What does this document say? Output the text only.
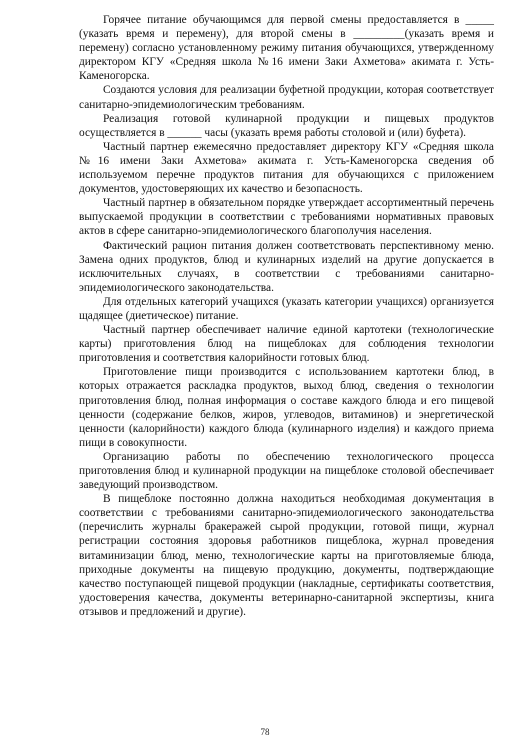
Горячее питание обучающимся для первой смены предоставляется в _____ (указать время и перемену), для второй смены в _________(указать время и перемену) согласно установленному режиму питания обучающихся, утвержденному директором КГУ «Средняя школа №16 имени Заки Ахметова» акимата г. Усть-Каменогорска.

Создаются условия для реализации буфетной продукции, которая соответствует санитарно-эпидемиологическим требованиям.

Реализация готовой кулинарной продукции и пищевых продуктов осуществляется в ______ часы (указать время работы столовой и (или) буфета).

Частный партнер ежемесячно предоставляет директору КГУ «Средняя школа №16 имени Заки Ахметова» акимата г. Усть-Каменогорска сведения об используемом перечне продуктов питания для обучающихся с приложением документов, удостоверяющих их качество и безопасность.

Частный партнер в обязательном порядке утверждает ассортиментный перечень выпускаемой продукции в соответствии с требованиями нормативных правовых актов в сфере санитарно-эпидемиологического благополучия населения.

Фактический рацион питания должен соответствовать перспективному меню. Замена одних продуктов, блюд и кулинарных изделий на другие допускается в исключительных случаях, в соответствии с требованиями санитарно-эпидемиологического законодательства.

Для отдельных категорий учащихся (указать категории учащихся) организуется щадящее (диетическое) питание.

Частный партнер обеспечивает наличие единой картотеки (технологические карты) приготовления блюд на пищеблоках для соблюдения технологии приготовления и соответствия калорийности готовых блюд.

Приготовление пищи производится с использованием картотеки блюд, в которых отражается раскладка продуктов, выход блюд, сведения о технологии приготовления блюд, полная информация о составе каждого блюда и его пищевой ценности (содержание белков, жиров, углеводов, витаминов) и энергетической ценности (калорийности) каждого блюда (кулинарного изделия) и каждого приема пищи в совокупности.

Организацию работы по обеспечению технологического процесса приготовления блюд и кулинарной продукции на пищеблоке столовой обеспечивает заведующий производством.

В пищеблоке постоянно должна находиться необходимая документация в соответствии с требованиями санитарно-эпидемиологического законодательства (перечислить журналы бракеражей сырой продукции, готовой пищи, журнал регистрации состояния здоровья работников пищеблока, журнал проведения витаминизации блюд, меню, технологические карты на приготовляемые блюда, приходные документы на пищевую продукцию, документы, подтверждающие качество поступающей пищевой продукции (накладные, сертификаты соответствия, удостоверения качества, документы ветеринарно-санитарной экспертизы, книга отзывов и предложений и другие).

78
